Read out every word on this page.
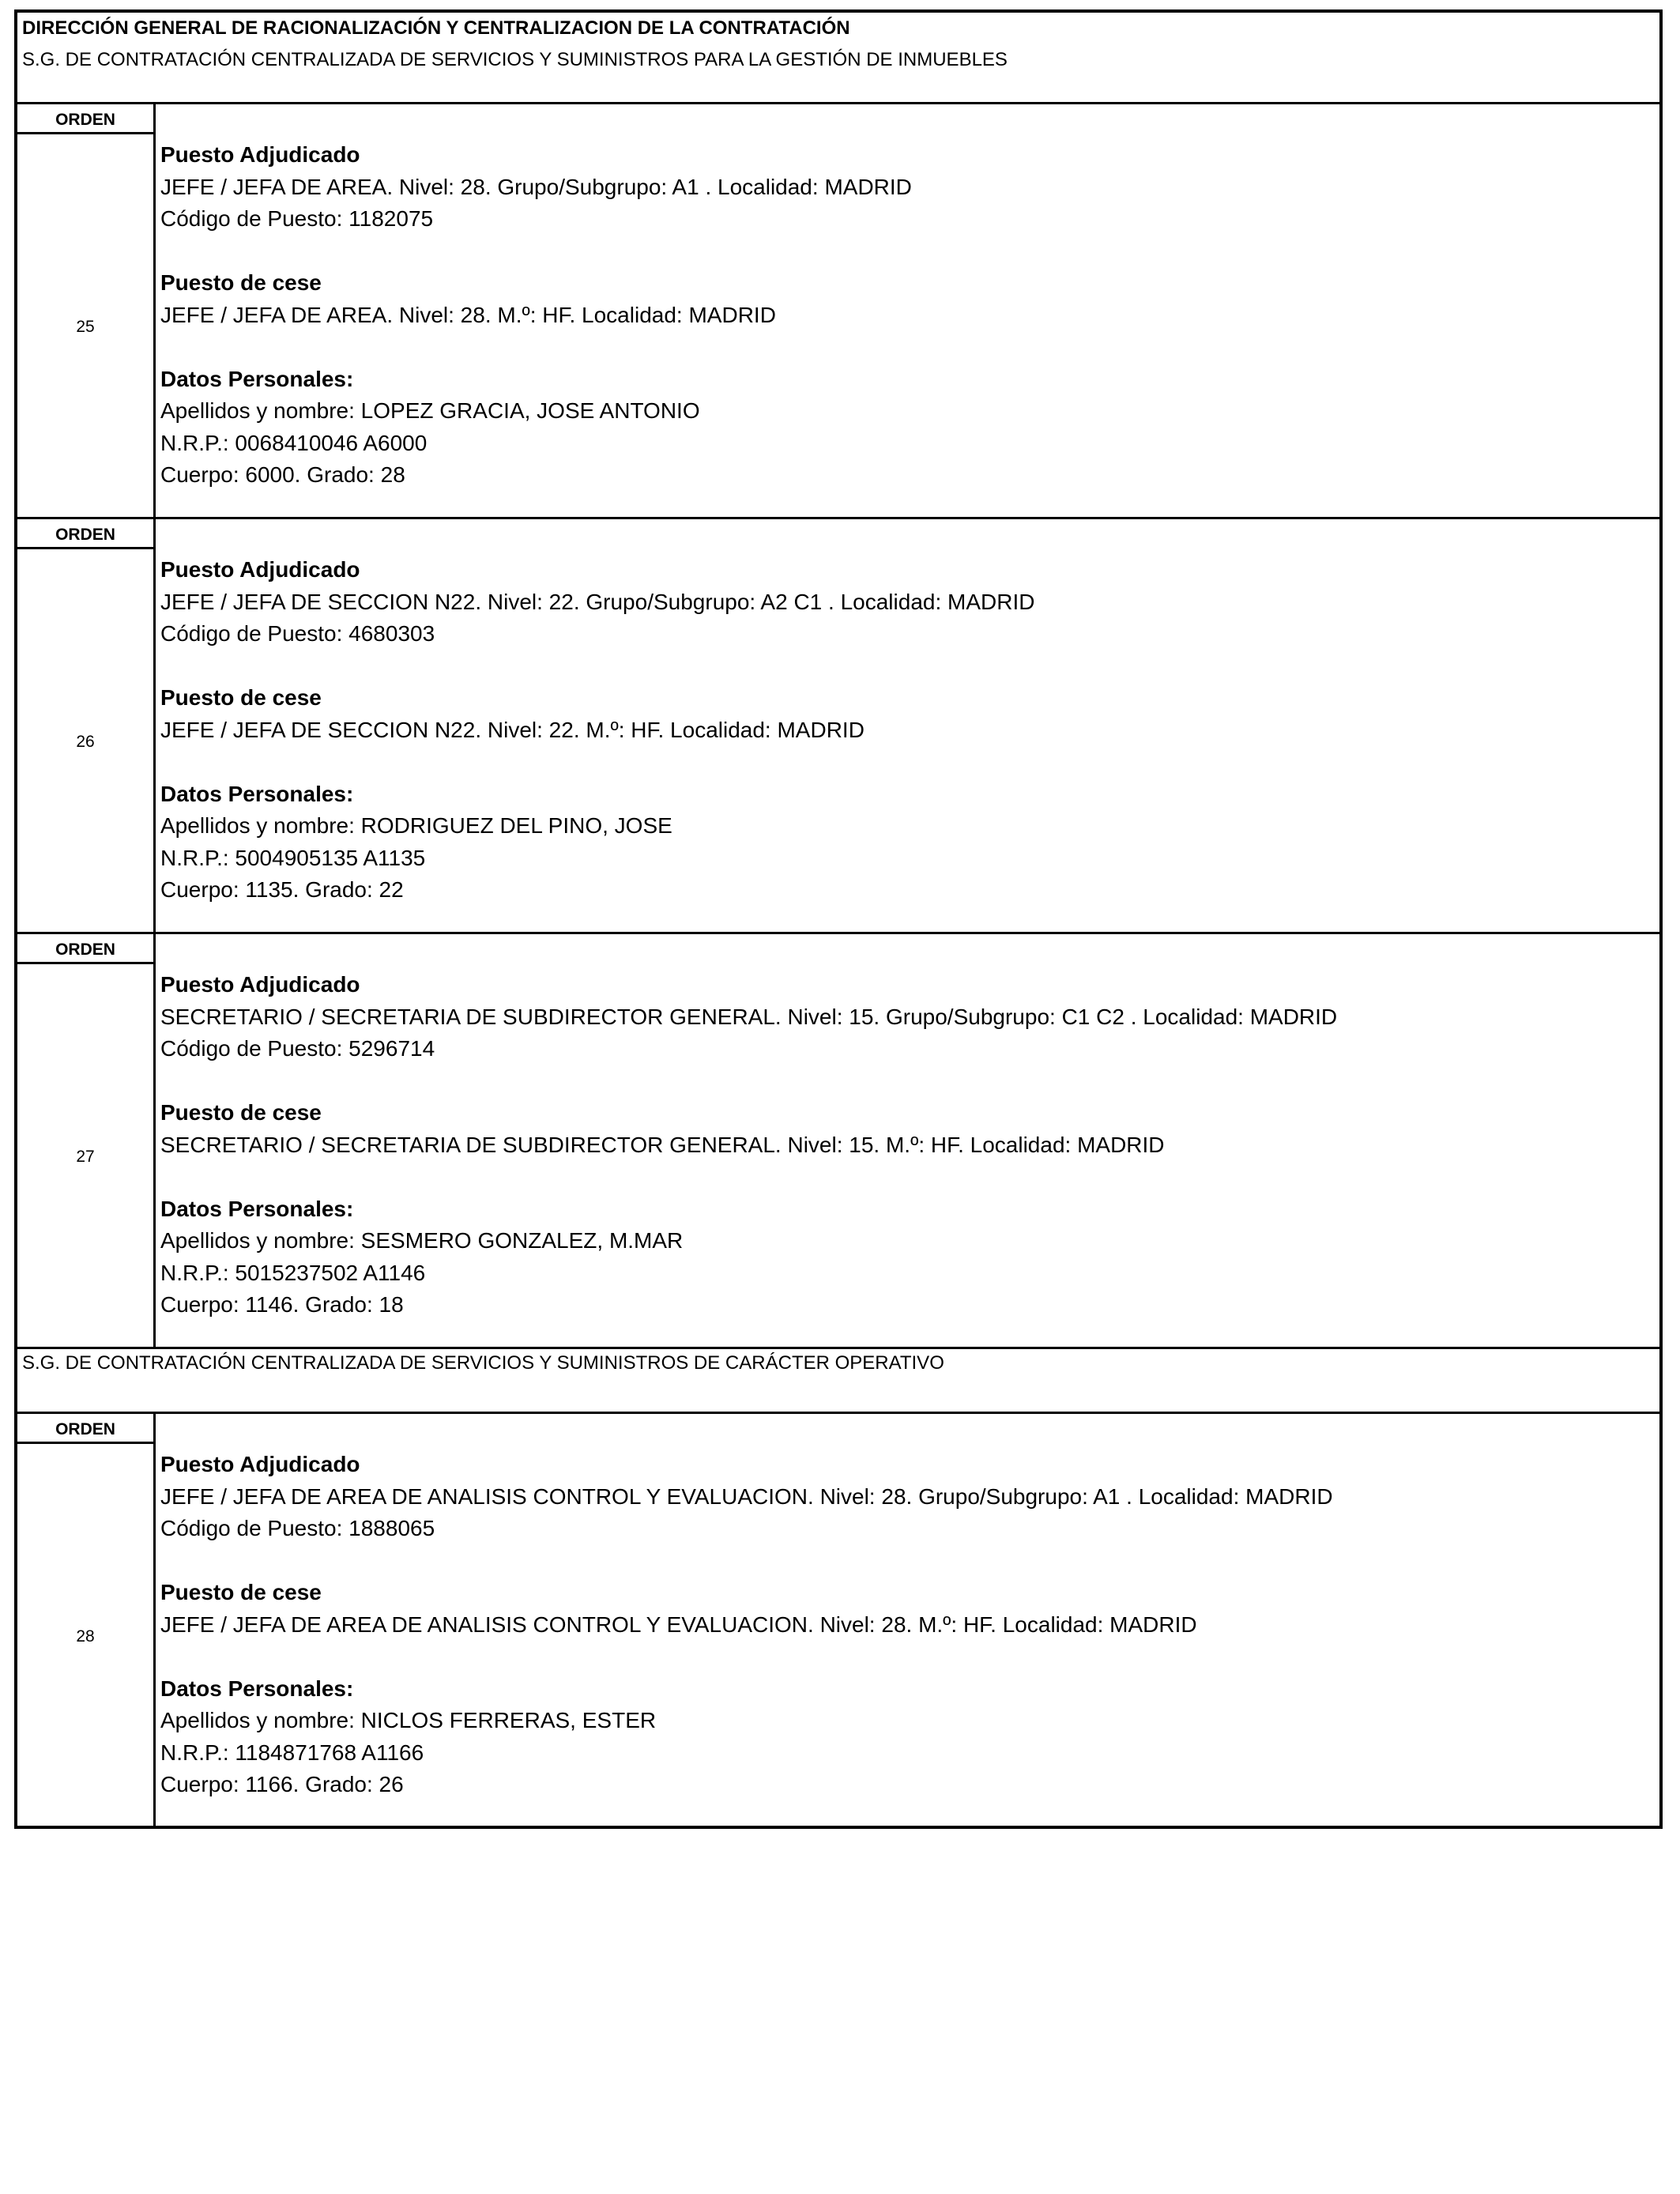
DIRECCIÓN GENERAL DE RACIONALIZACIÓN Y CENTRALIZACION DE LA CONTRATACIÓN
S.G. DE CONTRATACIÓN CENTRALIZADA DE SERVICIOS Y SUMINISTROS PARA LA GESTIÓN DE INMUEBLES
ORDEN
25
Puesto Adjudicado
JEFE / JEFA DE AREA. Nivel: 28. Grupo/Subgrupo: A1 . Localidad: MADRID
Código de Puesto: 1182075
Puesto de cese
JEFE / JEFA DE AREA. Nivel: 28. M.º: HF. Localidad: MADRID
Datos Personales:
Apellidos y nombre: LOPEZ GRACIA, JOSE ANTONIO
N.R.P.: 0068410046 A6000
Cuerpo: 6000. Grado: 28
ORDEN
26
Puesto Adjudicado
JEFE / JEFA DE SECCION N22. Nivel: 22. Grupo/Subgrupo: A2 C1 . Localidad: MADRID
Código de Puesto: 4680303
Puesto de cese
JEFE / JEFA DE SECCION N22. Nivel: 22. M.º: HF. Localidad: MADRID
Datos Personales:
Apellidos y nombre: RODRIGUEZ DEL PINO, JOSE
N.R.P.: 5004905135 A1135
Cuerpo: 1135. Grado: 22
ORDEN
27
Puesto Adjudicado
SECRETARIO / SECRETARIA DE SUBDIRECTOR GENERAL. Nivel: 15. Grupo/Subgrupo: C1 C2 . Localidad: MADRID
Código de Puesto: 5296714
Puesto de cese
SECRETARIO / SECRETARIA DE SUBDIRECTOR GENERAL. Nivel: 15. M.º: HF. Localidad: MADRID
Datos Personales:
Apellidos y nombre: SESMERO GONZALEZ, M.MAR
N.R.P.: 5015237502 A1146
Cuerpo: 1146. Grado: 18
S.G. DE CONTRATACIÓN CENTRALIZADA DE SERVICIOS Y SUMINISTROS DE CARÁCTER OPERATIVO
ORDEN
28
Puesto Adjudicado
JEFE / JEFA DE AREA DE ANALISIS CONTROL Y EVALUACION. Nivel: 28. Grupo/Subgrupo: A1 . Localidad: MADRID
Código de Puesto: 1888065
Puesto de cese
JEFE / JEFA DE AREA DE ANALISIS CONTROL Y EVALUACION. Nivel: 28. M.º: HF. Localidad: MADRID
Datos Personales:
Apellidos y nombre: NICLOS FERRERAS, ESTER
N.R.P.: 1184871768 A1166
Cuerpo: 1166. Grado: 26
